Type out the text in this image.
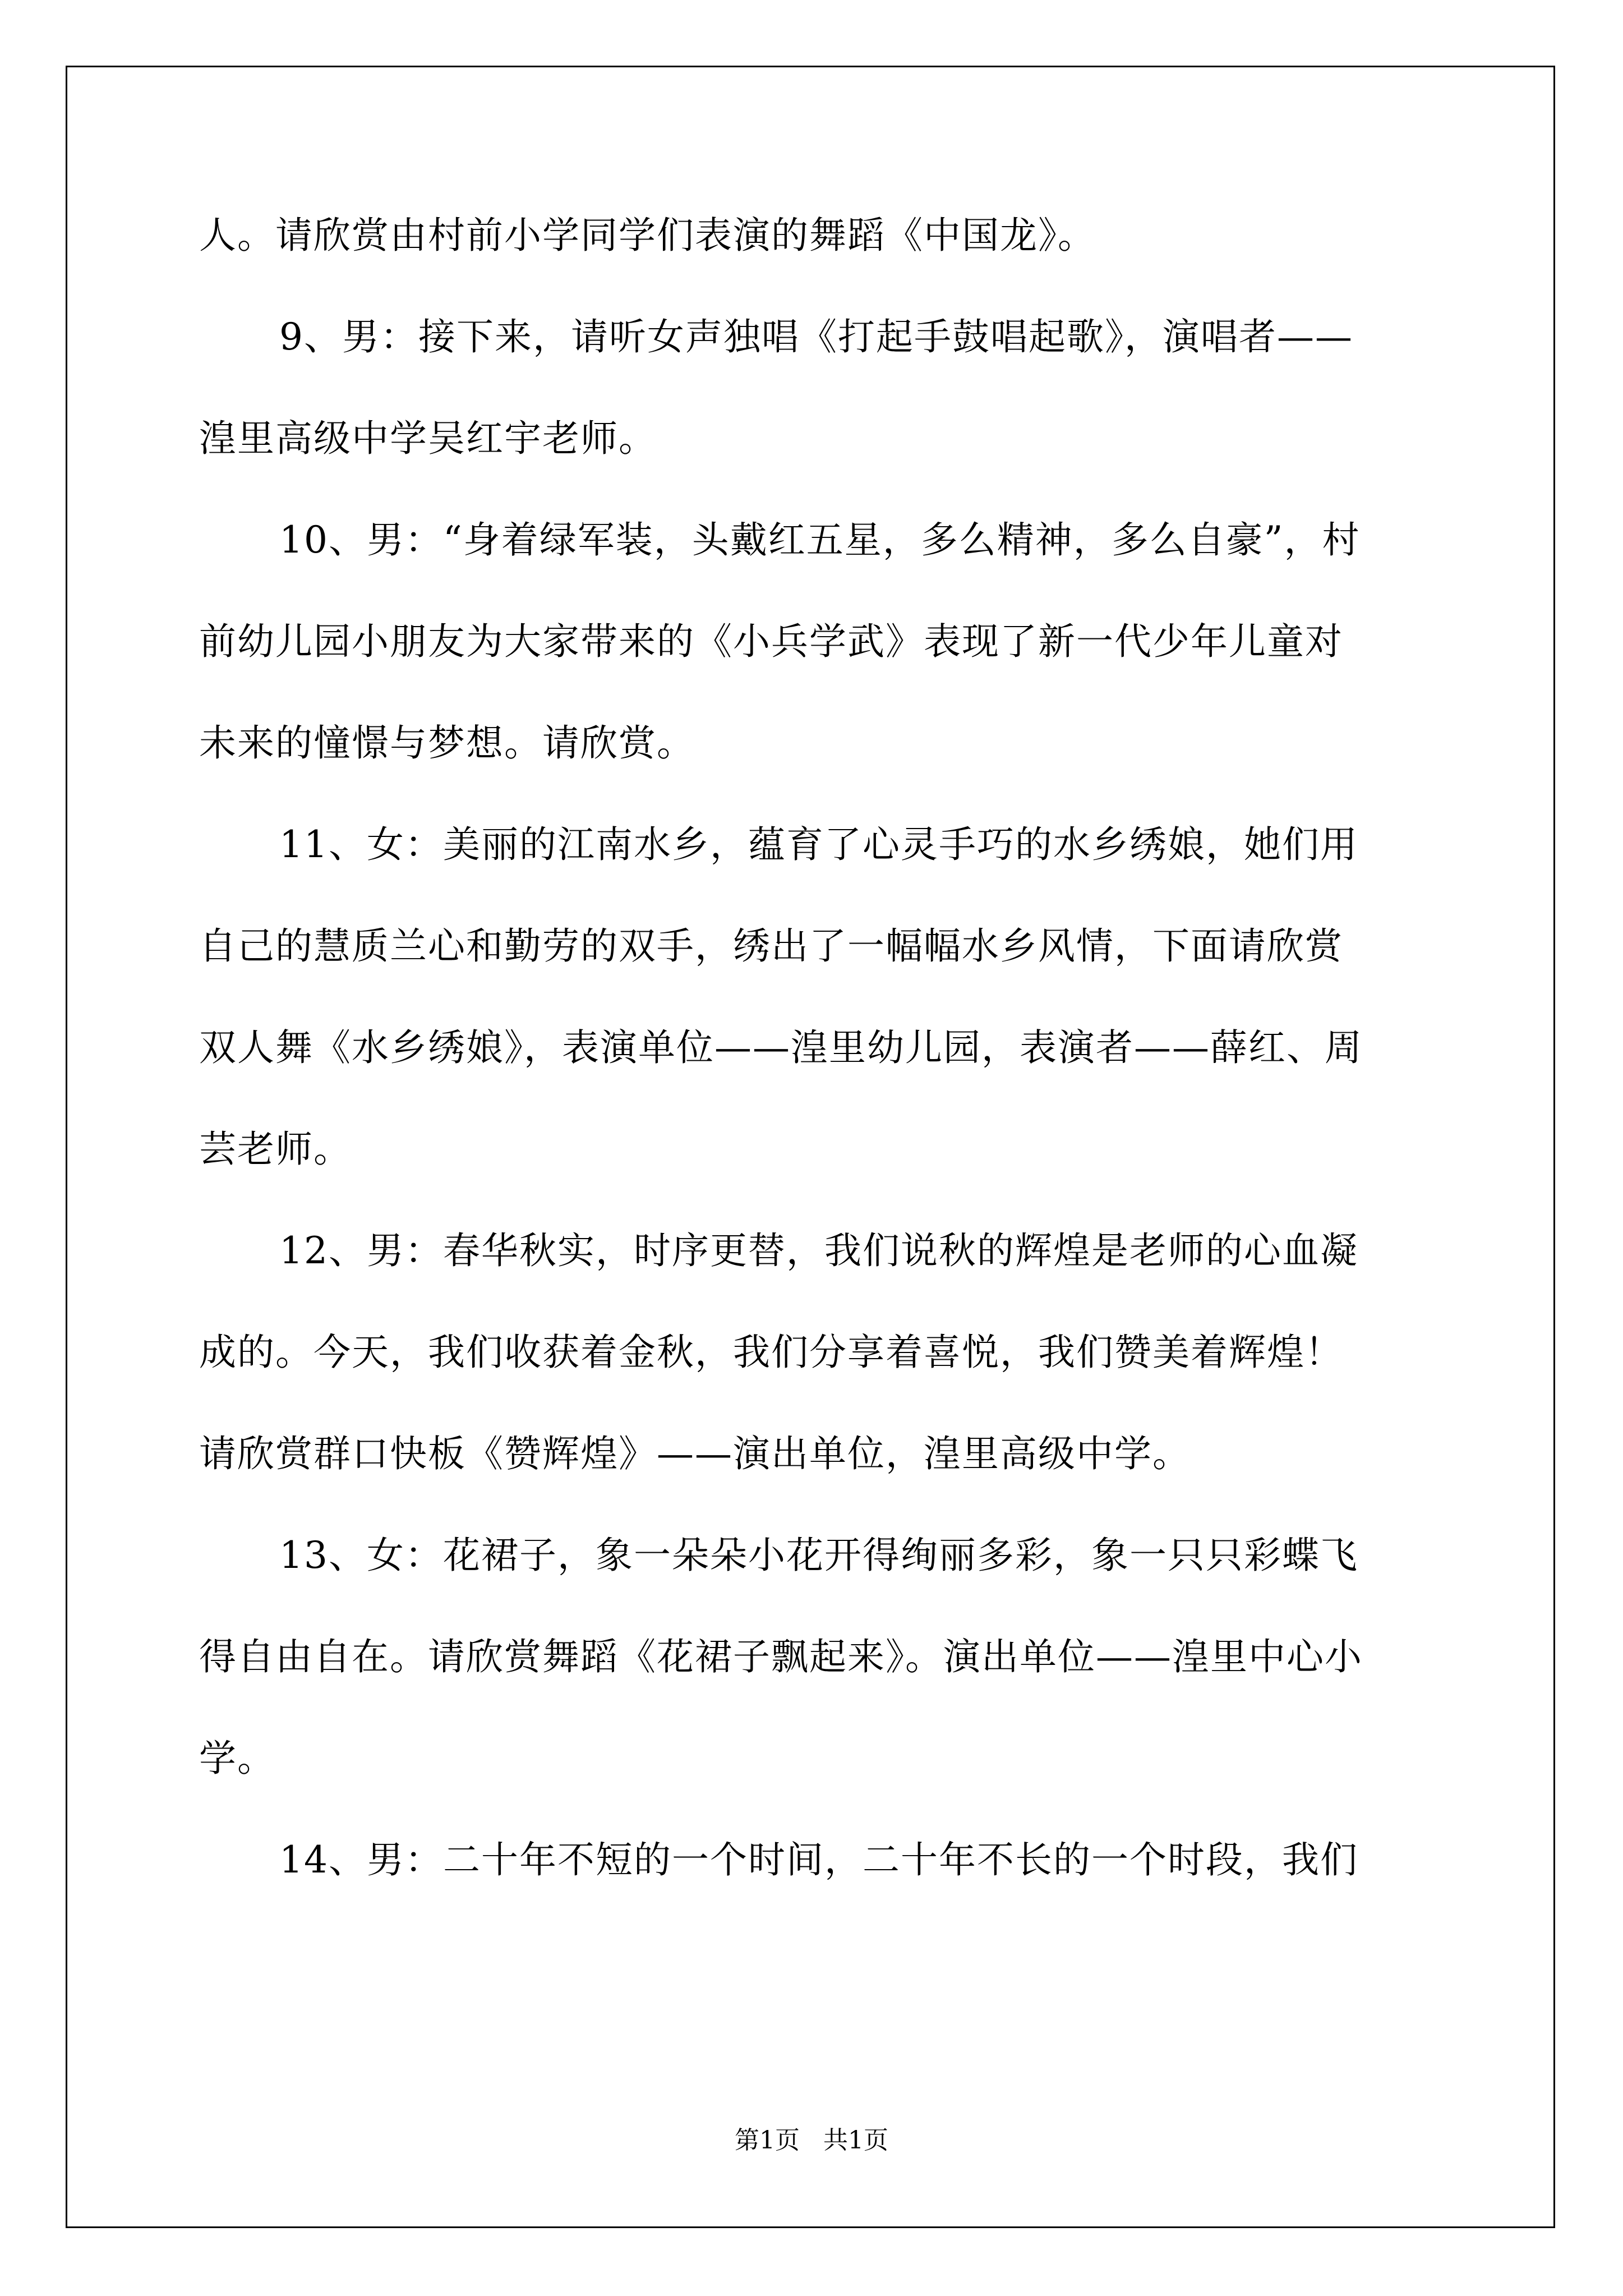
人。请欣赏由村前小学同学们表演的舞蹈《中国龙》。
9、男：接下来，请听女声独唱《打起手鼓唱起歌》，演唱者——
湟里高级中学吴红宇老师。
10、男：“身着绿军装，头戴红五星，多么精神，多么自豪”，村
前幼儿园小朋友为大家带来的《小兵学武》表现了新一代少年儿童对
未来的憧憬与梦想。请欣赏。
11、女：美丽的江南水乡，蕴育了心灵手巧的水乡绣娘，她们用
自己的慧质兰心和勤劳的双手，绣出了一幅幅水乡风情，下面请欣赏
双人舞《水乡绣娘》，表演单位——湟里幼儿园，表演者——薛红、周
芸老师。
12、男：春华秋实，时序更替，我们说秋的辉煌是老师的心血凝
成的。今天，我们收获着金秋，我们分享着喜悦，我们赞美着辉煌！
请欣赏群口快板《赞辉煌》——演出单位，湟里高级中学。
13、女：花裙子，象一朵朵小花开得绚丽多彩，象一只只彩蝶飞
得自由自在。请欣赏舞蹈《花裙子飘起来》。演出单位——湟里中心小
学。
14、男：二十年不短的一个时间，二十年不长的一个时段，我们
第1页 共1页
